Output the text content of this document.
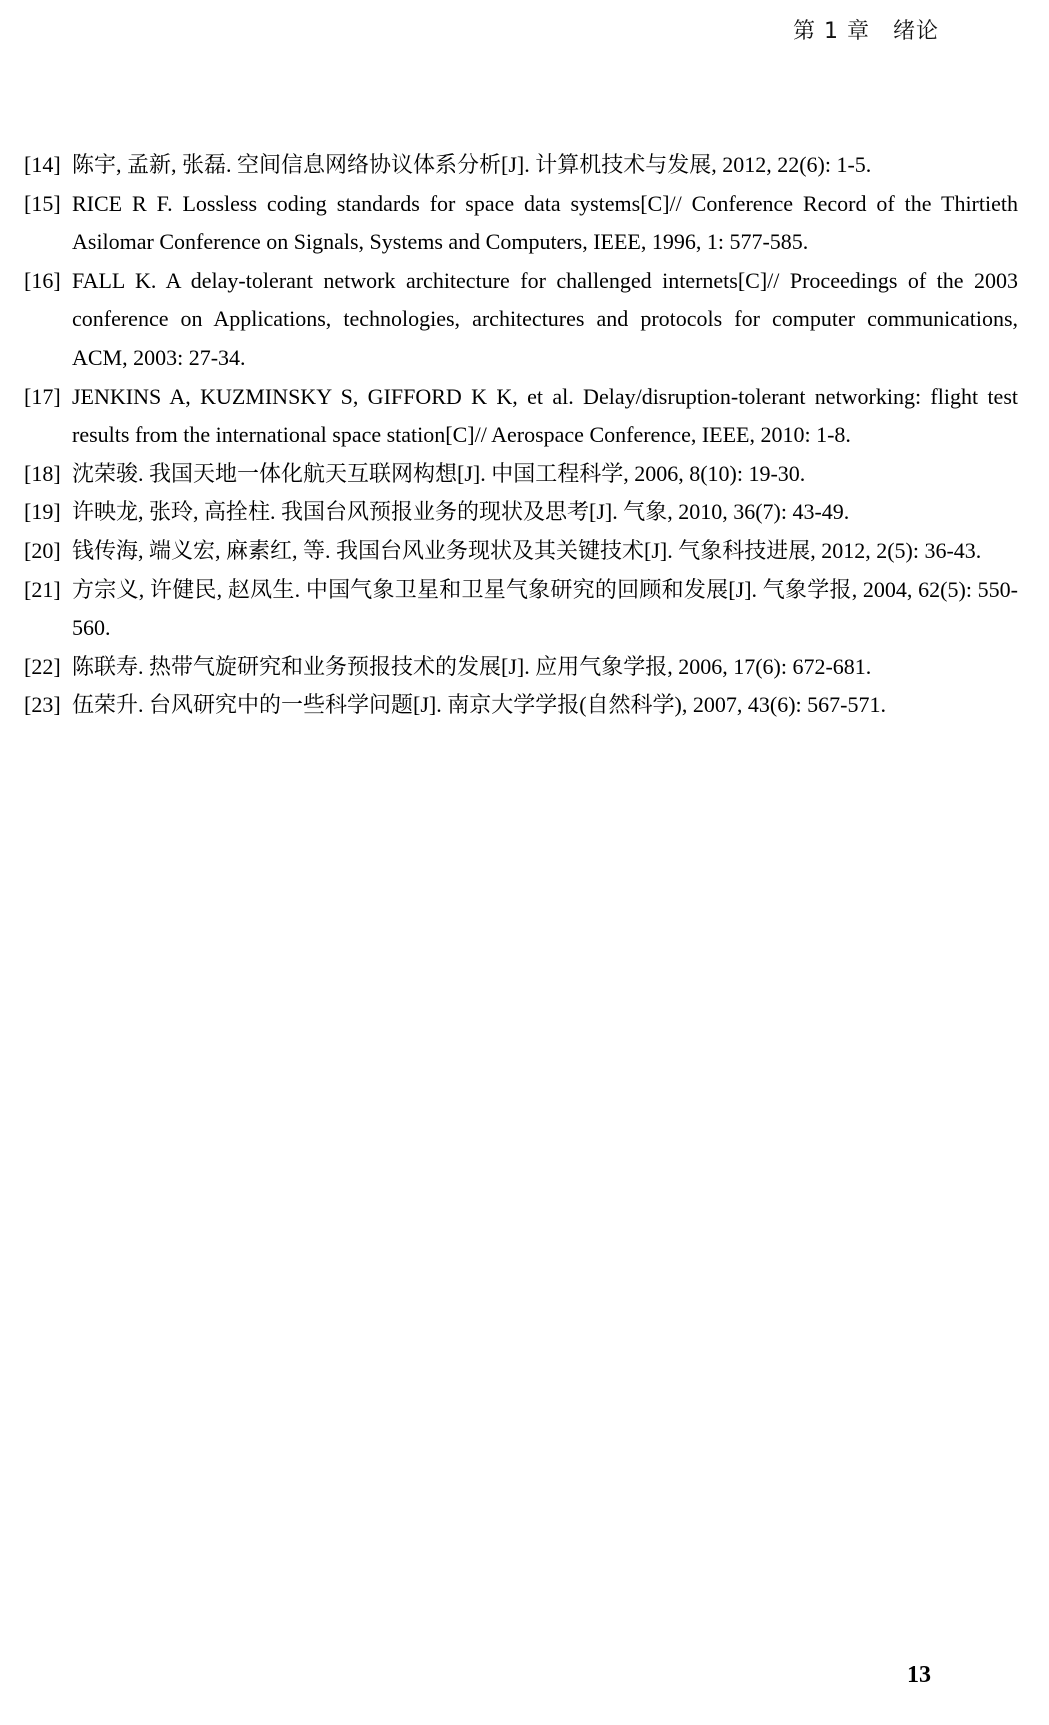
第 1 章　绪论
[14] 陈宇, 孟新, 张磊. 空间信息网络协议体系分析[J]. 计算机技术与发展, 2012, 22(6): 1-5.
[15] RICE R F. Lossless coding standards for space data systems[C]// Conference Record of the Thirtieth Asilomar Conference on Signals, Systems and Computers, IEEE, 1996, 1: 577-585.
[16] FALL K. A delay-tolerant network architecture for challenged internets[C]// Proceedings of the 2003 conference on Applications, technologies, architectures and protocols for computer communications, ACM, 2003: 27-34.
[17] JENKINS A, KUZMINSKY S, GIFFORD K K, et al. Delay/disruption-tolerant networking: flight test results from the international space station[C]// Aerospace Conference, IEEE, 2010: 1-8.
[18] 沈荣骏. 我国天地一体化航天互联网构想[J]. 中国工程科学, 2006, 8(10): 19-30.
[19] 许映龙, 张玲, 高拴柱. 我国台风预报业务的现状及思考[J]. 气象, 2010, 36(7): 43-49.
[20] 钱传海, 端义宏, 麻素红, 等. 我国台风业务现状及其关键技术[J]. 气象科技进展, 2012, 2(5): 36-43.
[21] 方宗义, 许健民, 赵凤生. 中国气象卫星和卫星气象研究的回顾和发展[J]. 气象学报, 2004, 62(5): 550-560.
[22] 陈联寿. 热带气旋研究和业务预报技术的发展[J]. 应用气象学报, 2006, 17(6): 672-681.
[23] 伍荣升. 台风研究中的一些科学问题[J]. 南京大学学报(自然科学), 2007, 43(6): 567-571.
13
